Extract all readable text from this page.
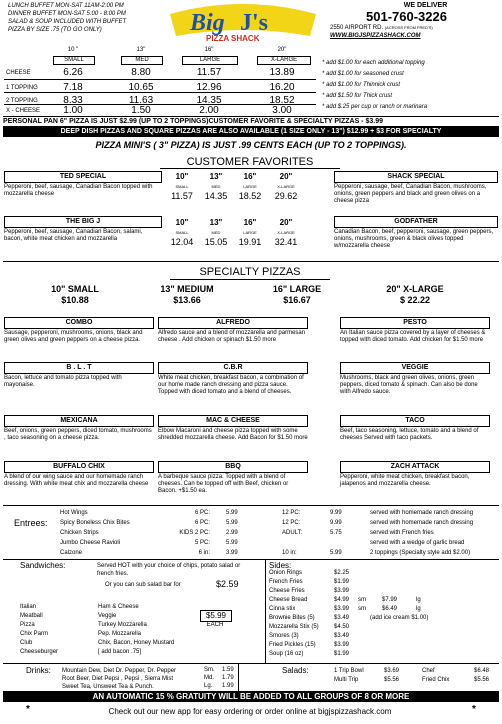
LUNCH BUFFET MON-SAT 11AM-2:00 PM
DINNER BUFFET MON-SAT 5:00 - 8:00 PM
SALAD & SOUP INCLUDED WITH BUFFET
PIZZA BY SIZE .75 (TO GO ONLY)	Big J's
PIZZA SHACK
WE DELIVER
501-760-3226
2550 AIRPORT RD. (ACROSS FROM FRED'S)
WWW.BIGJSPIZZASHACK.COM
10 "	13"	16"	20"
SMALL	MED	LARGE	X-LARGE
CHEESE	6.26	8.80	11.57	13.89
1 TOPPING	7.18	10.65	12.96	16.20
2 TOPPING	8.33	11.63	14.35	18.52
X - CHEESE	1.00	1.50	2.00	3.00
* add $1.00 for each additional topping
* add $1.00 for seasoned crust
* add $1.00 for Thinnick crust
* add $1.50 for Thick crust
* add $.25 per cup or ranch or marinara
PERSONAL PAN 6" PIZZA IS JUST $2.99 (UP TO 2 TOPPINGS)CUSTOMER FAVORITE & SPECIALTY PIZZAS - $3.99
DEEP DISH PIZZAS AND SQUARE PIZZAS ARE ALSO AVAILABLE (1 SIZE ONLY - 13") $12.99 + $3 FOR SPECIALTY
PIZZA MINI'S ( 3" PIZZA) IS JUST .99 CENTS EACH (UP TO 2 TOPPINGS).
CUSTOMER FAVORITES
TED SPECIAL
Pepperoni, beef, sausage, Canadian Bacon topped with mozzarella cheese
SHACK SPECIAL
Pepperoni, sausage, beef, Canadian Bacon, mushrooms, onions, green peppers and black and green olives on a cheese pizza
10"	13"	16"	20"
SMALL	MED	LARGE	X-LARGE
11.57	14.35	18.52	29.62
THE BIG J
Pepperoni, beef, sausage, Canadian Bacon, salami, bacon, white meat chicken and mozzarella
GODFATHER
Canadian Bacon, beef, pepperoni, sausage, green peppers, onions, mushrooms, green & black olives topped w/mozzarella cheese
10"	13"	16"	20"
SMALL	MED	LARGE	X-LARGE
12.04	15.05	19.91	32.41
SPECIALTY PIZZAS
10" SMALL	13" MEDIUM	16" LARGE	20" X-LARGE
$10.88	$13.66	$16.67	$ 22.22
COMBO
Sausage, pepperoni, mushrooms, onions, black and green olives and green peppers on a cheese pizza.
ALFREDO
Alfredo sauce and a blend of mozzarella and parmesan cheese . Add chicken or spinach $1.50 more
PESTO
An Italian sauce pizza covered by a layer of cheeses & topped with diced tomato. Add chicken for $1.50 more
B . L . T
Bacon, lettuce and tomato pizza topped with mayonaise.
C.B.R
White meat chicken, breakfast bacon, a combination of our home made ranch dressing and pizza sauce. Topped with diced tomato and a blend of cheeses.
VEGGIE
Mushrooms, black and green olives, onions, green peppers, diced tomato & spinach. Can also be done with Alfredo sauce.
MEXICANA
Beef, onions, green peppers, diced tomato, mushrooms , taco seasoning on a cheese pizza.
MAC & CHEESE
Elbow Macaroni and cheese pizza topped with some shredded mozzarella cheese. Add Bacon for $1.50 more
TACO
Beef, taco seasoning, lettuce, tomato and a blend of cheeses Served with taco packets.
BUFFALO CHIX
A blend of our wing sauce and our homemade ranch dressing. With white meat chix and mozzarella cheese
BBQ
A barbeque sauce pizza. Topped with a blend of cheeses. Can be topped off with Beef, chicken or Bacon. +$1.50 ea.
ZACH ATTACK
Pepperoni, white meat chicken, breakfast bacon, jalapenos and mozzarella cheese.
Entrees:
Hot Wings	6 PC:	5.99	12 PC:	9.99	served with homemade ranch dressing
Spicy Boneless Chix Bites	6 PC:	5.99	12 PC:	9.99	served with homemade ranch dressing
Chicken Strips	KIDS 2 PC:	2.99	ADULT:	5.75	served with French fries
Jumbo Cheese Ravioli	5 PC:	5.99	served with a wedge of garlic bread
Calzone	6 in:	3.99	10 in:	5.99	2 toppings (Specialty style add $2.00)
Sandwiches:	Served HOT with your choice of chips, potato salad or french fries.
Or you can sub salad bar for	$2.59
$5.99
EACH
Italian
Meatball
Pizza
Chix Parm
Club
Cheeseburger
Ham & Cheese
Veggie
Turkey Mozzarella
Pep. Mozzarella
Chix, Bacon, Honey Mustard
[ add bacon .75]
Sides:
Onion Rings	$2.25
French Fries	$1.99
Cheese Fries	$3.99
Cheese Bread	$4.99 sm	$7.99	lg
Cinna stix	$3.99 sm	$6.49	lg
Brownie Bites (5)	$3.49	(add ice cream $1.00)
Mozzarella Stix (5)	$4.50
Smores (3)	$3.49
Fried Pickles (15)	$3.99
Soup (16 oz)	$1.99
Drinks: Mountain Dew, Diet Dr. Pepper, Dr. Pepper
Root Beer, Diet Pepsi , Pepsi , Sierra Mist
Sweet Tea, Unsweet Tea & Punch.
Sm. 1.59
Md. 1.79
Lg. 1.99
Salads:	1 Trip Bowl	$3.69	Chef	$6.48
Multi Trip	$5.56	Fried Chix	$5.56
AN AUTOMATIC 15 % GRATUITY WILL BE ADDED TO ALL GROUPS OF 8 OR MORE
*	Check out our new app for easy ordering or order online at bigjspizzashack.com	*
